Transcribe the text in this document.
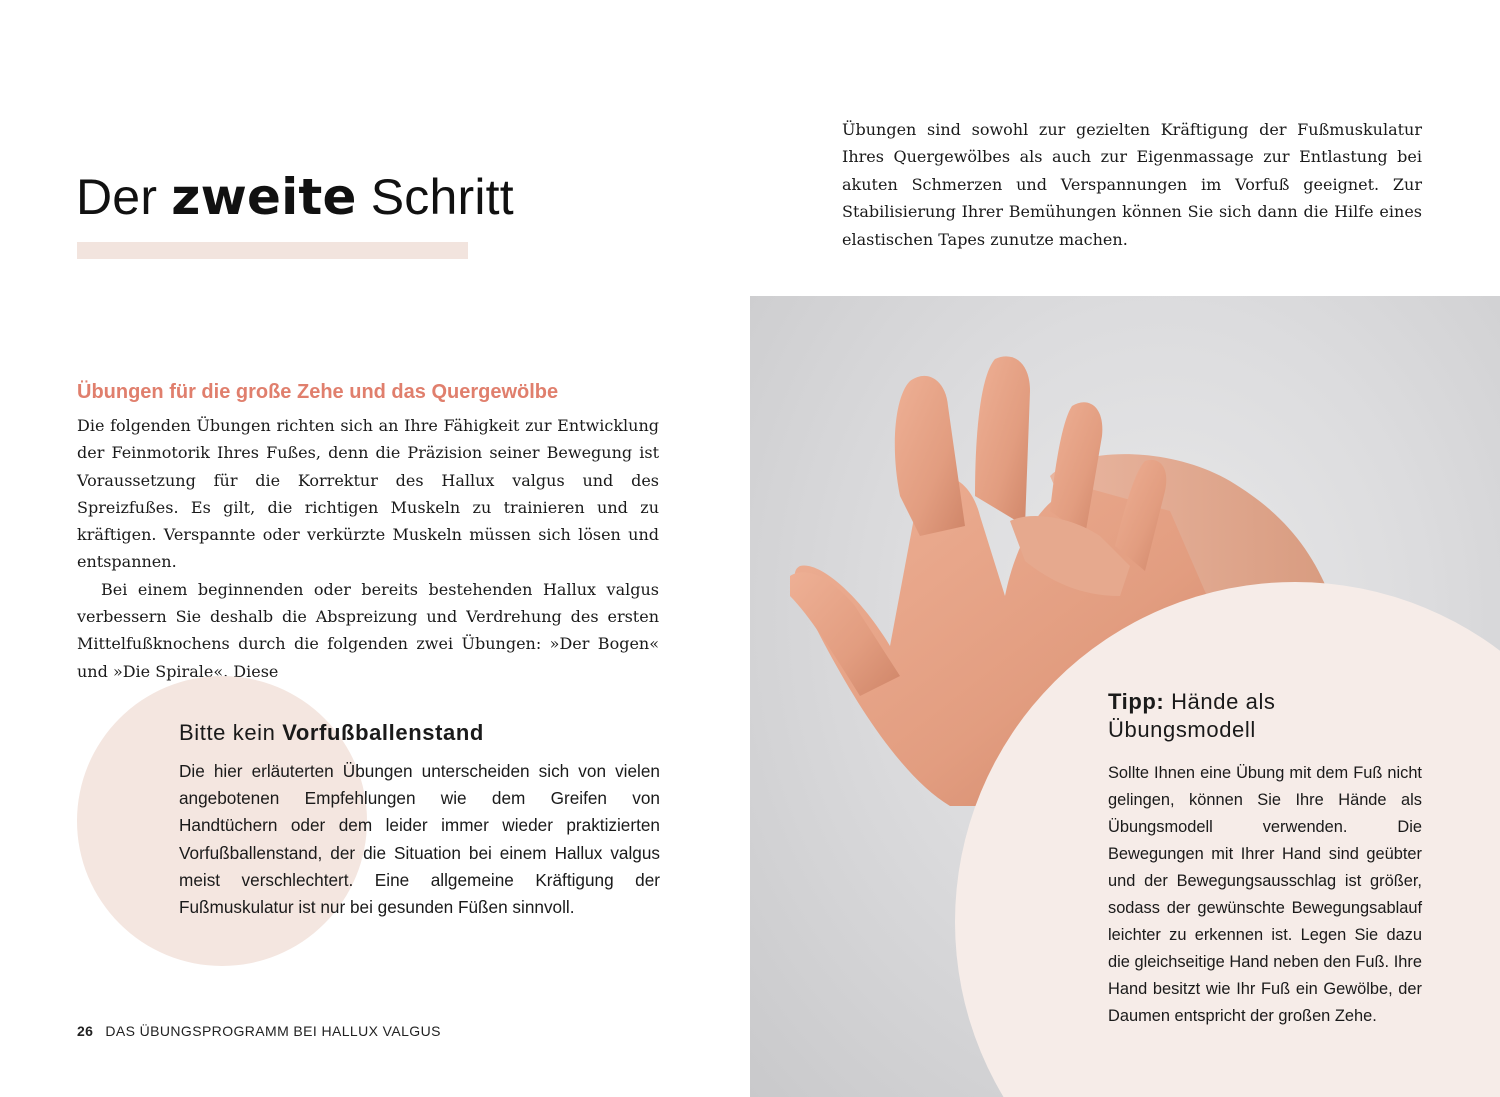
Der zweite Schritt

Übungen sind sowohl zur gezielten Kräftigung der Fußmuskulatur Ihres Quergewölbes als auch zur Eigenmassage zur Entlastung bei akuten Schmerzen und Verspannungen im Vorfuß geeignet. Zur Stabilisierung Ihrer Bemühungen können Sie sich dann die Hilfe eines elastischen Tapes zunutze machen.

Übungen für die große Zehe und das Quergewölbe

Die folgenden Übungen richten sich an Ihre Fähigkeit zur Entwicklung der Feinmotorik Ihres Fußes, denn die Präzision seiner Bewegung ist Voraussetzung für die Korrektur des Hallux valgus und des Spreizfußes. Es gilt, die richtigen Muskeln zu trainieren und zu kräftigen. Verspannte oder verkürzte Muskeln müssen sich lösen und entspannen.

Bei einem beginnenden oder bereits bestehenden Hallux valgus verbessern Sie deshalb die Abspreizung und Verdrehung des ersten Mittelfußknochens durch die folgenden zwei Übungen: »Der Bogen« und »Die Spirale«. Diese

Bitte kein Vorfußballenstand

Die hier erläuterten Übungen unterscheiden sich von vielen angebotenen Empfehlungen wie dem Greifen von Handtüchern oder dem leider immer wieder praktizierten Vorfußballenstand, der die Situation bei einem Hallux valgus meist verschlechtert. Eine allgemeine Kräftigung der Fußmuskulatur ist nur bei gesunden Füßen sinnvoll.

Tipp: Hände als Übungsmodell

Sollte Ihnen eine Übung mit dem Fuß nicht gelingen, können Sie Ihre Hände als Übungsmodell verwenden. Die Bewegungen mit Ihrer Hand sind geübter und der Bewegungsausschlag ist größer, sodass der gewünschte Bewegungsablauf leichter zu erkennen ist. Legen Sie dazu die gleichseitige Hand neben den Fuß. Ihre Hand besitzt wie Ihr Fuß ein Gewölbe, der Daumen entspricht der großen Zehe.

26 DAS ÜBUNGSPROGRAMM BEI HALLUX VALGUS
